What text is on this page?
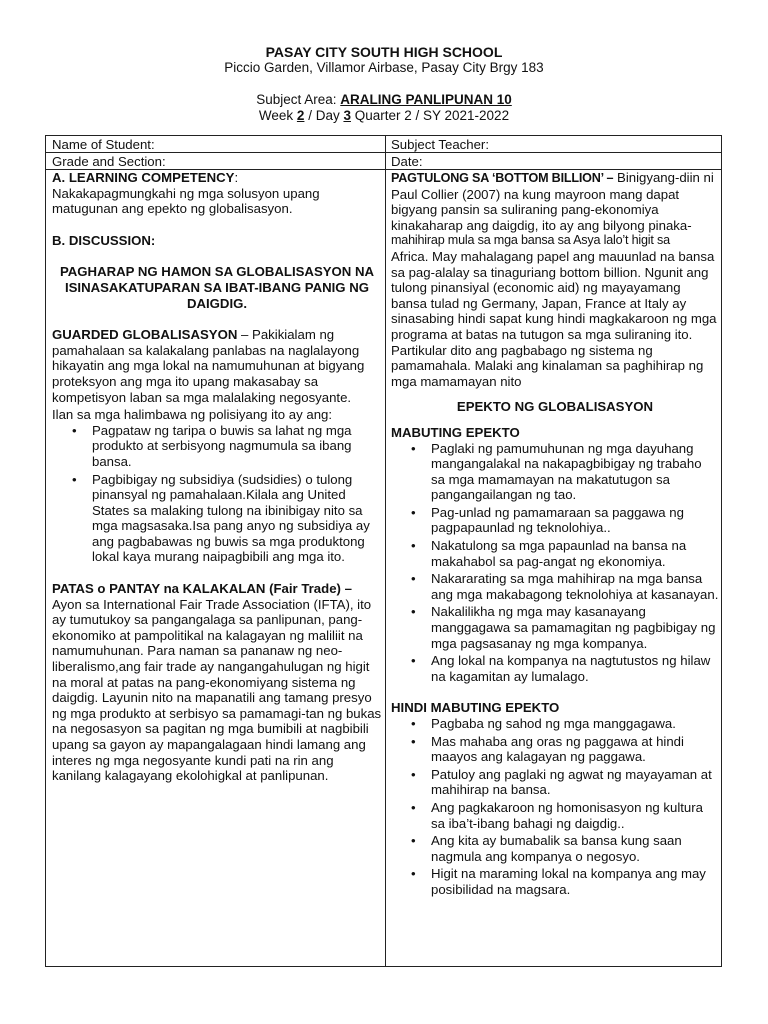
PASAY CITY SOUTH HIGH SCHOOL
Piccio Garden, Villamor Airbase, Pasay City Brgy 183
Subject Area: ARALING PANLIPUNAN 10
Week 2 / Day 3 Quarter 2 / SY 2021-2022
Name of Student:	Subject Teacher:
Grade and Section:	Date:

A. LEARNING COMPETENCY:

Nakakapagmungkahi ng mga solusyon upang matugunan ang epekto ng globalisasyon.

B. DISCUSSION:

PAGHARAP NG HAMON SA GLOBALISASYON NA ISINASAKATUPARAN SA IBAT-IBANG PANIG NG DAIGDIG.

GUARDED GLOBALISASYON – Pakikialam ng pamahalaan sa kalakalang panlabas na naglalayong hikayatin ang mga lokal na namumuhunan at bigyang proteksyon ang mga ito upang makasabay sa kompetisyon laban sa mga malalaking negosyante.

Ilan sa mga halimbawa ng polisiyang ito ay ang:

• Pagpataw ng taripa o buwis sa lahat ng mga produkto at serbisyong nagmumula sa ibang bansa.
• Pagbibigay ng subsidiya (sudsidies) o tulong pinansyal ng pamahalaan.Kilala ang United States sa malaking tulong na ibinibigay nito sa mga magsasaka.Isa pang anyo ng subsidiya ay ang pagbabawas ng buwis sa mga produktong lokal kaya murang naipagbibili ang mga ito.

PATAS o PANTAY na KALAKALAN (Fair Trade) – Ayon sa International Fair Trade Association (IFTA), ito ay tumutukoy sa pangangalaga sa panlipunan, pang-ekonomiko at pampolitikal na kalagayan ng maliliit na namumuhunan. Para naman sa pananaw ng neo-liberalismo,ang fair trade ay nangangahulugan ng higit na moral at patas na pang-ekonomiyang sistema ng daigdig. Layunin nito na mapanatili ang tamang presyo ng mga produkto at serbisyo sa pamamagi-tan ng bukas na negosasyon sa pagitan ng mga bumibili at nagbibili upang sa gayon ay mapangalagaan hindi lamang ang interes ng mga negosyante kundi pati na rin ang kanilang kalagayang ekolohigkal at panlipunan.

PAGTULONG SA ‘BOTTOM BILLION’ – Binigyang-diin ni Paul Collier (2007) na kung mayroon mang dapat bigyang pansin sa suliraning pang-ekonomiya kinakaharap ang daigdig, ito ay ang bilyong pinaka-

mahihirap mula sa mga bansa sa Asya lalo’t higit sa

Africa. May mahalagang papel ang mauunlad na bansa sa pag-alalay sa tinaguriang bottom billion. Ngunit ang tulong pinansiyal (economic aid) ng mayayamang bansa tulad ng Germany, Japan, France at Italy ay sinasabing hindi sapat kung hindi magkakaroon ng mga programa at batas na tutugon sa mga suliraning ito. Partikular dito ang pagbabago ng sistema ng pamamahala. Malaki ang kinalaman sa paghihirap ng mga mamamayan nito

EPEKTO NG GLOBALISASYON

MABUTING EPEKTO

• Paglaki ng pamumuhunan ng mga dayuhang mangangalakal na nakapagbibigay ng trabaho sa mga mamamayan na makatutugon sa pangangailangan ng tao.
• Pag-unlad ng pamamaraan sa paggawa ng pagpapaunlad ng teknolohiya..
• Nakatulong sa mga papaunlad na bansa na makahabol sa pag-angat ng ekonomiya.
• Nakararating sa mga mahihirap na mga bansa ang mga makabagong teknolohiya at kasanayan.
• Nakalilikha ng mga may kasanayang manggagawa sa pamamagitan ng pagbibigay ng mga pagsasanay ng mga kompanya.
• Ang lokal na kompanya na nagtutustos ng hilaw na kagamitan ay lumalago.

HINDI MABUTING EPEKTO

• Pagbaba ng sahod ng mga manggagawa.
• Mas mahaba ang oras ng paggawa at hindi maayos ang kalagayan ng paggawa.
• Patuloy ang paglaki ng agwat ng mayayaman at mahihirap na bansa.
• Ang pagkakaroon ng homonisasyon ng kultura sa iba’t-ibang bahagi ng daigdig..
• Ang kita ay bumabalik sa bansa kung saan nagmula ang kompanya o negosyo.
• Higit na maraming lokal na kompanya ang may posibilidad na magsara.
